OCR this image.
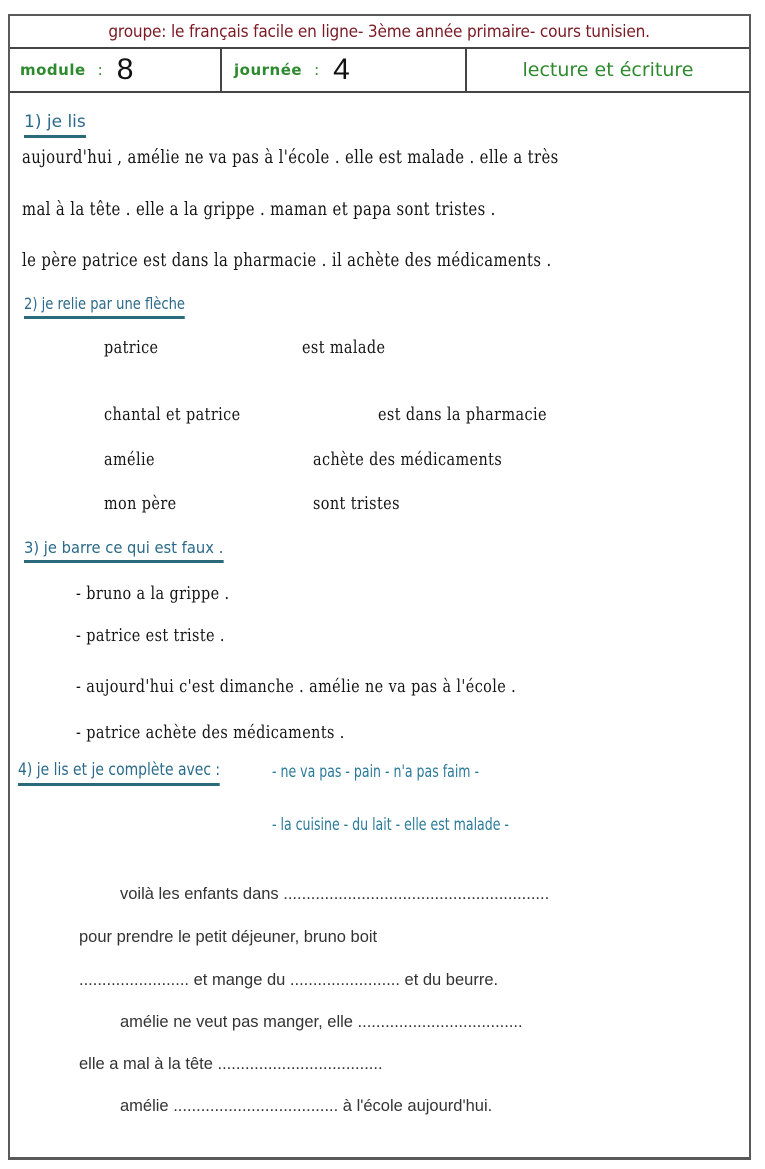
groupe: le français facile en ligne- 3ème année primaire- cours tunisien.
module : 8	journée : 4	lecture et écriture
1) je lis
aujourd'hui , amélie ne va pas à l'école . elle est malade . elle a très
mal à la tête . elle a la grippe . maman et papa sont tristes .
le père patrice est dans la pharmacie . il achète des médicaments .
2) je relie par une flèche
patrice	est malade
chantal et patrice	est dans la pharmacie
amélie	achète des médicaments
mon père	sont tristes
3) je barre ce qui est faux .
- bruno a la grippe .
- patrice est triste .
- aujourd'hui c'est dimanche . amélie ne va pas à l'école .
- patrice achète des médicaments .
4) je lis et je complète avec :	- ne va pas - pain - n'a pas faim -
- la cuisine - du lait - elle est malade -
voilà les enfants dans ..........................................................
pour prendre le petit déjeuner, bruno boit
........................ et mange du ........................ et du beurre.
amélie ne veut pas manger, elle ....................................
elle a mal à la tête ....................................
amélie .................................... à l'école aujourd'hui.
